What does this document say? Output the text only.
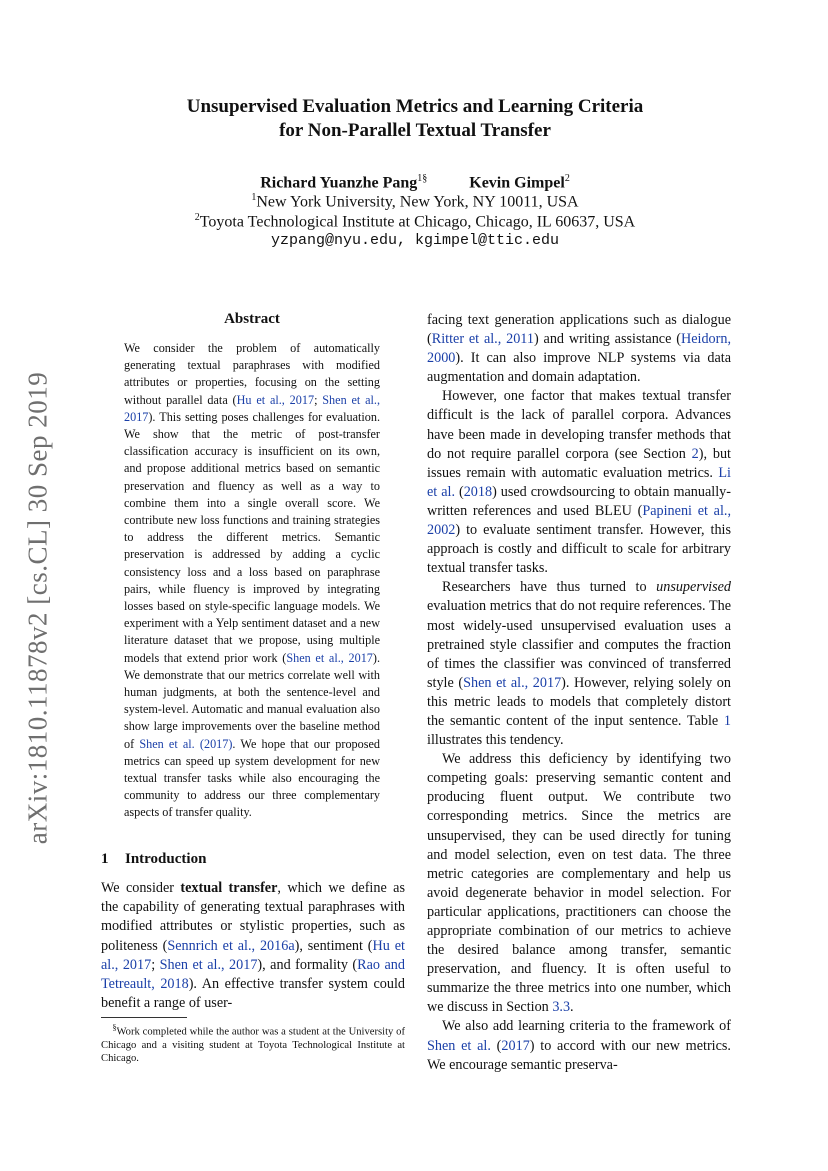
arXiv:1810.11878v2 [cs.CL] 30 Sep 2019
Unsupervised Evaluation Metrics and Learning Criteria
for Non-Parallel Textual Transfer
Richard Yuanzhe Pang$^{1\S}$	Kevin Gimpel$^2$
$^1$New York University, New York, NY 10011, USA
$^2$Toyota Technological Institute at Chicago, Chicago, IL 60637, USA
yzpang@nyu.edu, kgimpel@ttic.edu
Abstract
We consider the problem of automatically generating textual paraphrases with modified attributes or properties, focusing on the setting without parallel data (Hu et al., 2017; Shen et al., 2017). This setting poses challenges for evaluation. We show that the metric of post-transfer classification accuracy is insufficient on its own, and propose additional metrics based on semantic preservation and fluency as well as a way to combine them into a single overall score. We contribute new loss functions and training strategies to address the different metrics. Semantic preservation is addressed by adding a cyclic consistency loss and a loss based on paraphrase pairs, while fluency is improved by integrating losses based on style-specific language models. We experiment with a Yelp sentiment dataset and a new literature dataset that we propose, using multiple models that extend prior work (Shen et al., 2017). We demonstrate that our metrics correlate well with human judgments, at both the sentence-level and system-level. Automatic and manual evaluation also show large improvements over the baseline method of Shen et al. (2017). We hope that our proposed metrics can speed up system development for new textual transfer tasks while also encouraging the community to address our three complementary aspects of transfer quality.
1 Introduction
We consider textual transfer, which we define as the capability of generating textual paraphrases with modified attributes or stylistic properties, such as politeness (Sennrich et al., 2016a), sentiment (Hu et al., 2017; Shen et al., 2017), and formality (Rao and Tetreault, 2018). An effective transfer system could benefit a range of user-
§Work completed while the author was a student at the University of Chicago and a visiting student at Toyota Technological Institute at Chicago.

facing text generation applications such as dialogue (Ritter et al., 2011) and writing assistance (Heidorn, 2000). It can also improve NLP systems via data augmentation and domain adaptation.

However, one factor that makes textual transfer difficult is the lack of parallel corpora. Advances have been made in developing transfer methods that do not require parallel corpora (see Section 2), but issues remain with automatic evaluation metrics. Li et al. (2018) used crowdsourcing to obtain manually-written references and used BLEU (Papineni et al., 2002) to evaluate sentiment transfer. However, this approach is costly and difficult to scale for arbitrary textual transfer tasks.

Researchers have thus turned to unsupervised evaluation metrics that do not require references. The most widely-used unsupervised evaluation uses a pretrained style classifier and computes the fraction of times the classifier was convinced of transferred style (Shen et al., 2017). However, relying solely on this metric leads to models that completely distort the semantic content of the input sentence. Table 1 illustrates this tendency.

We address this deficiency by identifying two competing goals: preserving semantic content and producing fluent output. We contribute two corresponding metrics. Since the metrics are unsupervised, they can be used directly for tuning and model selection, even on test data. The three metric categories are complementary and help us avoid degenerate behavior in model selection. For particular applications, practitioners can choose the appropriate combination of our metrics to achieve the desired balance among transfer, semantic preservation, and fluency. It is often useful to summarize the three metrics into one number, which we discuss in Section 3.3.

We also add learning criteria to the framework of Shen et al. (2017) to accord with our new metrics. We encourage semantic preserva-
